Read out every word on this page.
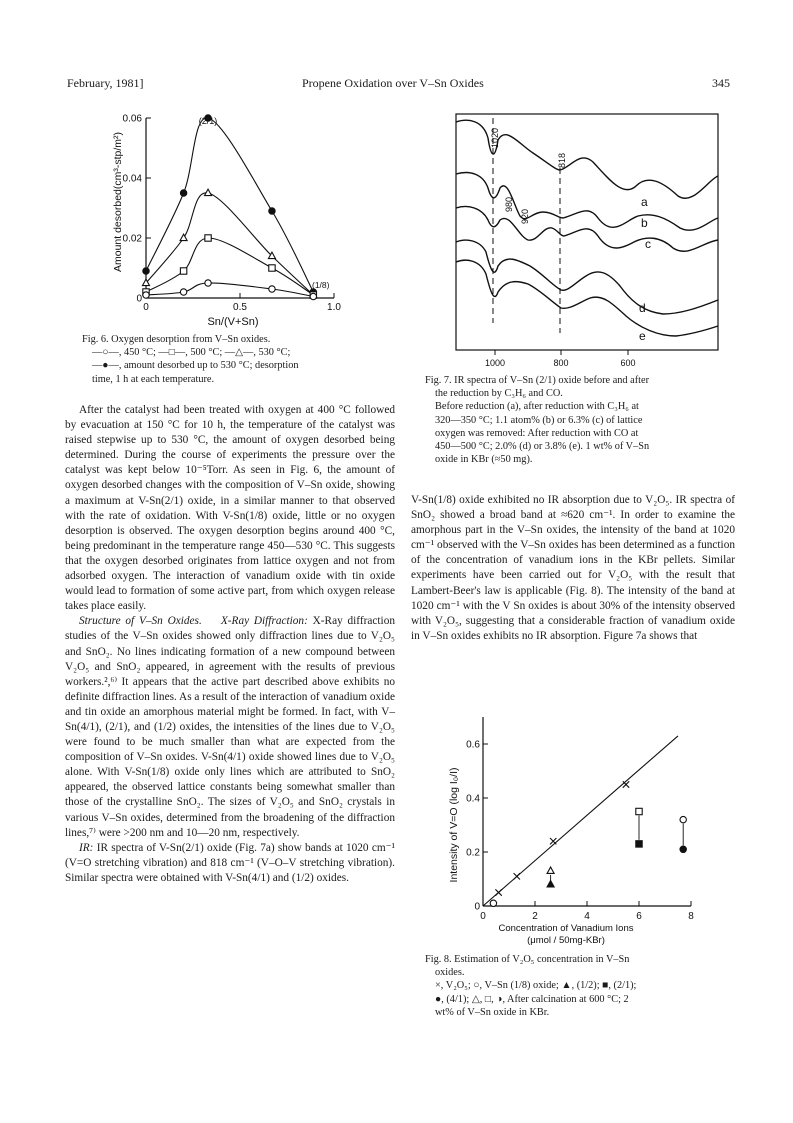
February, 1981]	Propene Oxidation over V–Sn Oxides	345
0.06
0.04
0.02
0
0	0.5	1.0
(2/1)
(1/8)
Sn/(V+Sn)
Amount desorbed(cm³-stp/m²)

Fig. 6. Oxygen desorption from V–Sn oxides.

—○—, 450 °C; —□—, 500 °C; —△—, 530 °C;

—●—, amount desorbed up to 530 °C; desorption

time, 1 h at each temperature.

After the catalyst had been treated with oxygen at 400 °C followed by evacuation at 150 °C for 10 h, the temperature of the catalyst was raised stepwise up to 530 °C, the amount of oxygen desorbed being determined. During the course of experiments the pressure over the catalyst was kept below 10⁻⁵Torr. As seen in Fig. 6, the amount of oxygen desorbed changes with the composition of V–Sn oxide, showing a maximum at V-Sn(2/1) oxide, in a similar manner to that observed with the rate of oxidation. With V-Sn(1/8) oxide, little or no oxygen desorption is observed. The oxygen desorption begins around 400 °C, being predominant in the temperature range 450—530 °C. This suggests that the oxygen desorbed originates from lattice oxygen and not from adsorbed oxygen. The interaction of vanadium oxide with tin oxide would lead to formation of some active part, from which oxygen release takes place easily.

Structure of V–Sn Oxides. X-Ray Diffraction: X-Ray diffraction studies of the V–Sn oxides showed only diffraction lines due to V₂O₅ and SnO₂. No lines indicating formation of a new compound between V₂O₅ and SnO₂ appeared, in agreement with the results of previous workers.²,⁶⁾ It appears that the active part described above exhibits no definite diffraction lines. As a result of the interaction of vanadium oxide and tin oxide an amorphous material might be formed. In fact, with V–Sn(4/1), (2/1), and (1/2) oxides, the intensities of the lines due to V₂O₅ were found to be much smaller than what are expected from the composition of V–Sn oxides. V-Sn(4/1) oxide showed lines due to V₂O₅ alone. With V-Sn(1/8) oxide only lines which are attributed to SnO₂ appeared, the observed lattice constants being somewhat smaller than those of the crystalline SnO₂. The sizes of V₂O₅ and SnO₂ crystals in various V–Sn oxides, determined from the broadening of the diffraction lines,⁷⁾ were >200 nm and 10—20 nm, respectively.

IR: IR spectra of V-Sn(2/1) oxide (Fig. 7a) show bands at 1020 cm⁻¹ (V=O stretching vibration) and 818 cm⁻¹ (V–O–V stretching vibration). Similar spectra were obtained with V-Sn(4/1) and (1/2) oxides.

1020
818
980
920
a
b
c
d
e
1000	800	600

Fig. 7. IR spectra of V–Sn (2/1) oxide before and after

the reduction by C₃H₆ and CO.

Before reduction (a), after reduction with C₃H₆ at

320—350 °C; 1.1 atom% (b) or 6.3% (c) of lattice

oxygen was removed: After reduction with CO at

450—500 °C; 2.0% (d) or 3.8% (e). 1 wt% of V–Sn

oxide in KBr (≈50 mg).

V-Sn(1/8) oxide exhibited no IR absorption due to V₂O₅. IR spectra of SnO₂ showed a broad band at ≈620 cm⁻¹. In order to examine the amorphous part in the V–Sn oxides, the intensity of the band at 1020 cm⁻¹ observed with the V–Sn oxides has been determined as a function of the concentration of vanadium ions in the KBr pellets. Similar experiments have been carried out for V₂O₅ with the result that Lambert-Beer's law is applicable (Fig. 8). The intensity of the band at 1020 cm⁻¹ with the V Sn oxides is about 30% of the intensity observed with V₂O₅, suggesting that a considerable fraction of vanadium oxide in V–Sn oxides exhibits no IR absorption. Figure 7a shows that

0.6
0.4
0.2
0
0	2	4	6	8
Intensity of V=O (log I₀/I)
Concentration of Vanadium Ions
(μmol / 50mg-KBr)

Fig. 8. Estimation of V₂O₅ concentration in V–Sn

oxides.

×, V₂O₅; ○, V–Sn (1/8) oxide; ▲, (1/2); ■, (2/1);

●, (4/1); △, □, ◑, After calcination at 600 °C; 2

wt% of V–Sn oxide in KBr.
